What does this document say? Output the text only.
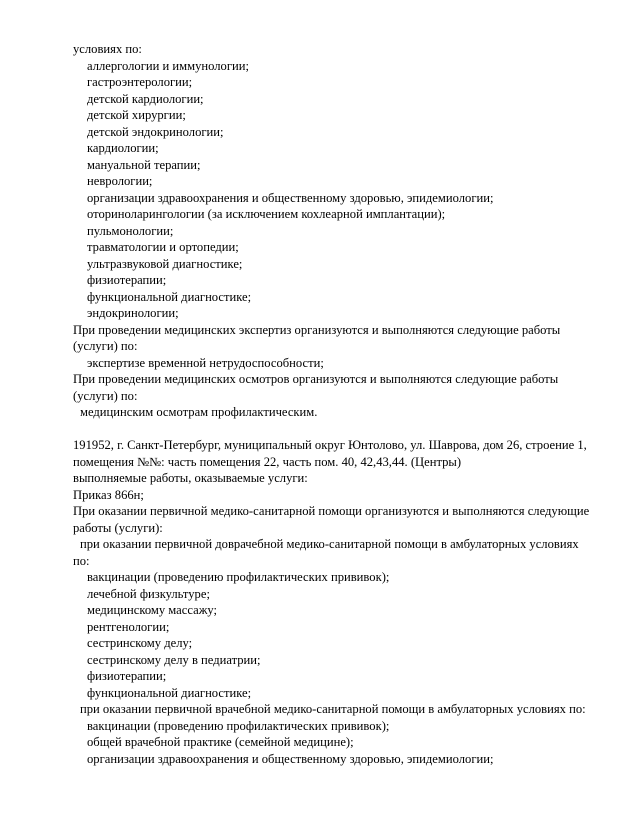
условиях по:
аллергологии и иммунологии;
гастроэнтерологии;
детской кардиологии;
детской хирургии;
детской эндокринологии;
кардиологии;
мануальной терапии;
неврологии;
организации здравоохранения и общественному здоровью, эпидемиологии;
оториноларингологии (за исключением кохлеарной имплантации);
пульмонологии;
травматологии и ортопедии;
ультразвуковой диагностике;
физиотерапии;
функциональной диагностике;
эндокринологии;
При проведении медицинских экспертиз организуются и выполняются следующие работы
(услуги) по:
экспертизе временной нетрудоспособности;
При проведении медицинских осмотров организуются и выполняются следующие работы
(услуги) по:
медицинским осмотрам профилактическим.

191952, г. Санкт-Петербург, муниципальный округ Юнтолово, ул. Шаврова, дом 26, строение 1,
помещения №№: часть помещения 22, часть пом. 40, 42,43,44. (Центры)
выполняемые работы, оказываемые услуги:
Приказ 866н;
При оказании первичной медико-санитарной помощи организуются и выполняются следующие
работы (услуги):
при оказании первичной доврачебной медико-санитарной помощи в амбулаторных условиях
по:
вакцинации (проведению профилактических прививок);
лечебной физкультуре;
медицинскому массажу;
рентгенологии;
сестринскому делу;
сестринскому делу в педиатрии;
физиотерапии;
функциональной диагностике;
при оказании первичной врачебной медико-санитарной помощи в амбулаторных условиях по:
вакцинации (проведению профилактических прививок);
общей врачебной практике (семейной медицине);
организации здравоохранения и общественному здоровью, эпидемиологии;
